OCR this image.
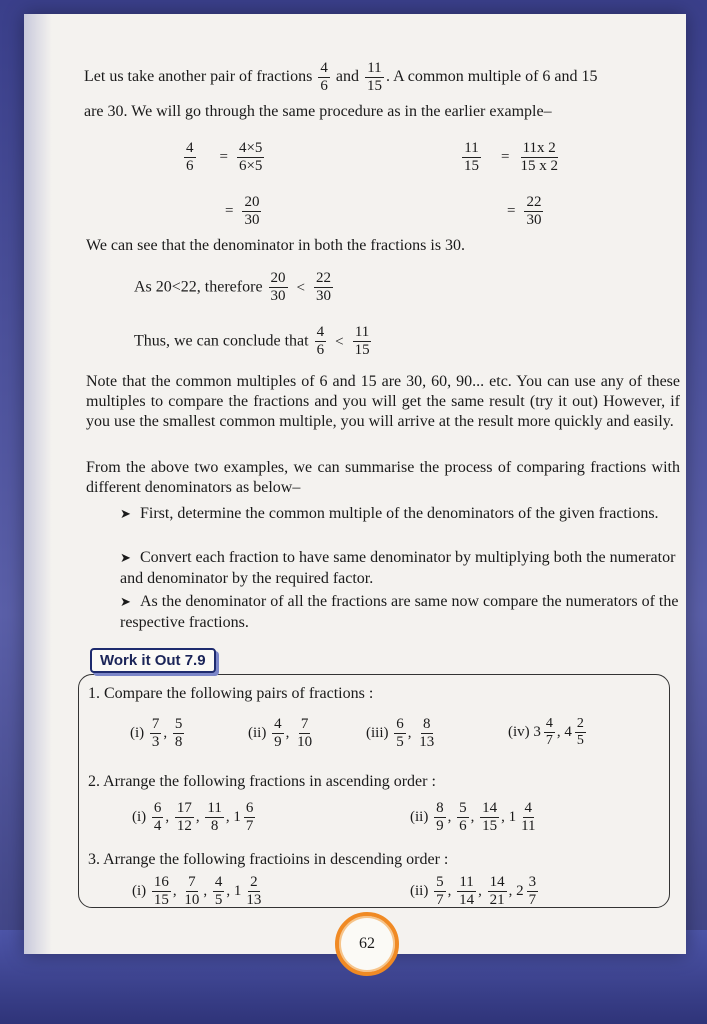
Let us take another pair of fractions $\frac{4}{6}$ and $\frac{11}{15}$ . A common multiple of 6 and 15

are 30. We will go through the same procedure as in the earlier example–

$\frac{4}{6} = \frac{4\times 5}{6\times 5}$
= $\frac{20}{30}$
$\frac{11}{15} = \frac{11x 2}{15 x 2}$
= $\frac{22}{30}$

We can see that the denominator in both the fractions is 30.

As 20<22, therefore $\frac{20}{30} < \frac{22}{30}$
Thus, we can conclude that $\frac{4}{6} < \frac{11}{15}$

Note that the common multiples of 6 and 15 are 30, 60, 90... etc. You can use any of these multiples to compare the fractions and you will get the same result (try it out) However, if you use the smallest common multiple, you will arrive at the result more quickly and easily.

From the above two examples, we can summarise the process of comparing fractions with different denominators as below–

➤ First, determine the common multiple of the denominators of the given fractions.
➤ Convert each fraction to have same denominator by multiplying both the numerator and denominator by the required factor.
➤ As the denominator of all the fractions are same now compare the numerators of the respective fractions.
Work it Out 7.9

1. Compare the following pairs of fractions :

$(i) \frac{7}{3}$ , $\frac{5}{8}$	$(ii) \frac{4}{9}$ , $\frac{7}{10}$	$(iii) \frac{6}{5}$ , $\frac{8}{13}$	(iv) $3 \frac{4}{7}$ , $4 \frac{2}{5}$

2. Arrange the following fractions in ascending order :

$(i) \frac{6}{4}$ , $\frac{17}{12}$ , $\frac{11}{8}$ , $1 \frac{6}{7}$	$(ii) \frac{8}{9}$ , $\frac{5}{6}$ , $\frac{14}{15}$ , $1 \frac{4}{11}$

3. Arrange the following fractioins in descending order :

$(i) \frac{16}{15}$ , $\frac{7}{10}$ , $\frac{4}{5}$ , $1 \frac{2}{13}$	$(ii) \frac{5}{7}$ , $\frac{11}{14}$ , $\frac{14}{21}$ , $2 \frac{3}{7}$
62
